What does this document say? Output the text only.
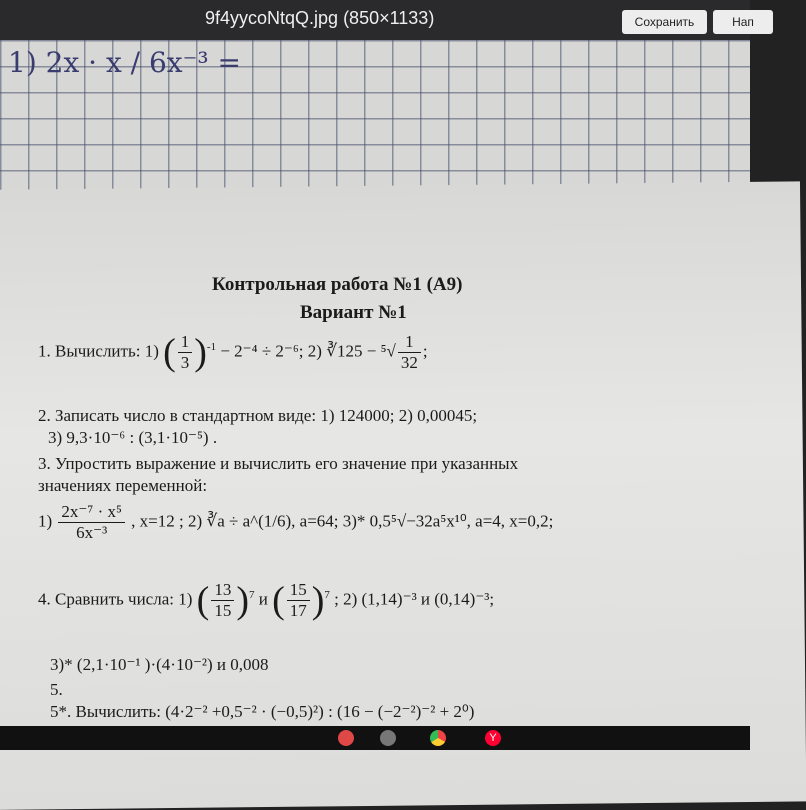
9f4yycoNtqQ.jpg (850×1133)	Сохранить	Нап
1) 2x · x / 6x⁻³ =
Контрольная работа №1 (А9)
Вариант №1
1. Вычислить: 1) ( $\frac{1}{3} )^{-1} - 2^{-4} \div 2^{-6}$; 2) ∛125 − $^5√ \frac{1}{32}$ ;
2. Записать число в стандартном виде: 1) 124000; 2) 0,00045;
3) 9,3·10⁻⁶ : (3,1·10⁻⁵) .
3. Упростить выражение и вычислить его значение при указанных
значениях переменной:
$1) \frac{\text{2x⁻⁷ · x⁵}}{\text{6x⁻³}}$ , x=12 ; 2) ∛a ÷ a^(1/6), a=64; 3)* 0,5⁵√−32a⁵x¹⁰, a=4, x=0,2;
4. Сравнить числа: 1) ( $\frac{13}{15} )^7$ и ( $\frac{15}{17} )^7$ ; 2) (1,14)⁻³ и (0,14)⁻³;
3)* (2,1·10⁻¹ )·(4·10⁻²) и 0,008
5.
5*. Вычислить: (4·2⁻² +0,5⁻² · (−0,5)²) : (16 − (−2⁻²)⁻² + 2⁰)
Y
